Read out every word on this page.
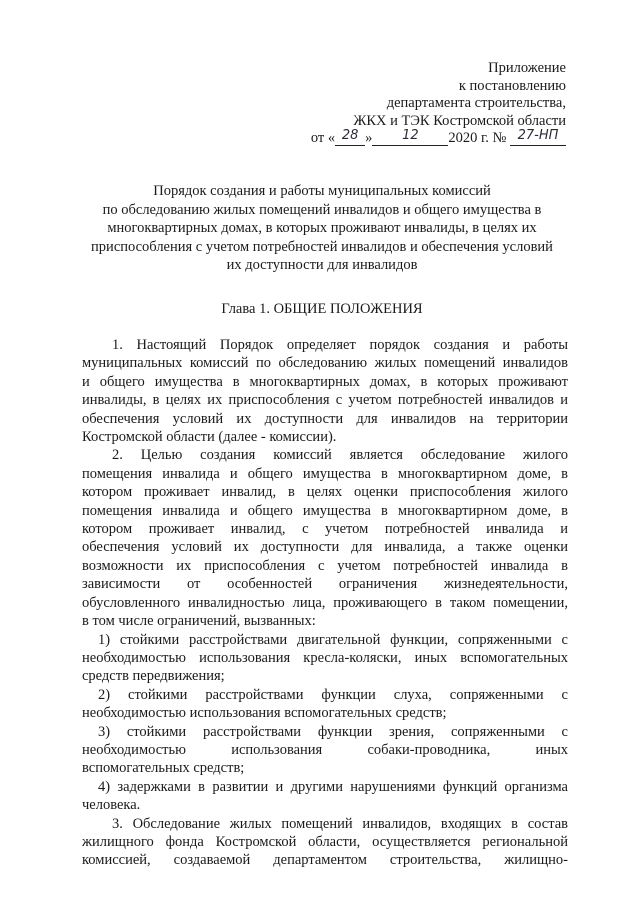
Приложение
к постановлению
департамента строительства,
ЖКХ и ТЭК Костромской области
от « 28 » 12 2020 г. № 27-НП
Порядок создания и работы муниципальных комиссий
по обследованию жилых помещений инвалидов и общего имущества в
многоквартирных домах, в которых проживают инвалиды, в целях их
приспособления с учетом потребностей инвалидов и обеспечения условий
их доступности для инвалидов
Глава 1. ОБЩИЕ ПОЛОЖЕНИЯ
1. Настоящий Порядок определяет порядок создания и работы
муниципальных комиссий по обследованию жилых помещений инвалидов
и общего имущества в многоквартирных домах, в которых проживают
инвалиды, в целях их приспособления с учетом потребностей инвалидов и
обеспечения условий их доступности для инвалидов на территории
Костромской области (далее - комиссии).
2. Целью создания комиссий является обследование жилого
помещения инвалида и общего имущества в многоквартирном доме, в
котором проживает инвалид, в целях оценки приспособления жилого
помещения инвалида и общего имущества в многоквартирном доме, в
котором проживает инвалид, с учетом потребностей инвалида и
обеспечения условий их доступности для инвалида, а также оценки
возможности их приспособления с учетом потребностей инвалида в
зависимости от особенностей ограничения жизнедеятельности,
обусловленного инвалидностью лица, проживающего в таком помещении,
в том числе ограничений, вызванных:
1) стойкими расстройствами двигательной функции, сопряженными с
необходимостью использования кресла-коляски, иных вспомогательных
средств передвижения;
2) стойкими расстройствами функции слуха, сопряженными с
необходимостью использования вспомогательных средств;
3) стойкими расстройствами функции зрения, сопряженными с
необходимостью использования собаки-проводника, иных
вспомогательных средств;
4) задержками в развитии и другими нарушениями функций организма
человека.
3. Обследование жилых помещений инвалидов, входящих в состав
жилищного фонда Костромской области, осуществляется региональной
комиссией, создаваемой департаментом строительства, жилищно-
